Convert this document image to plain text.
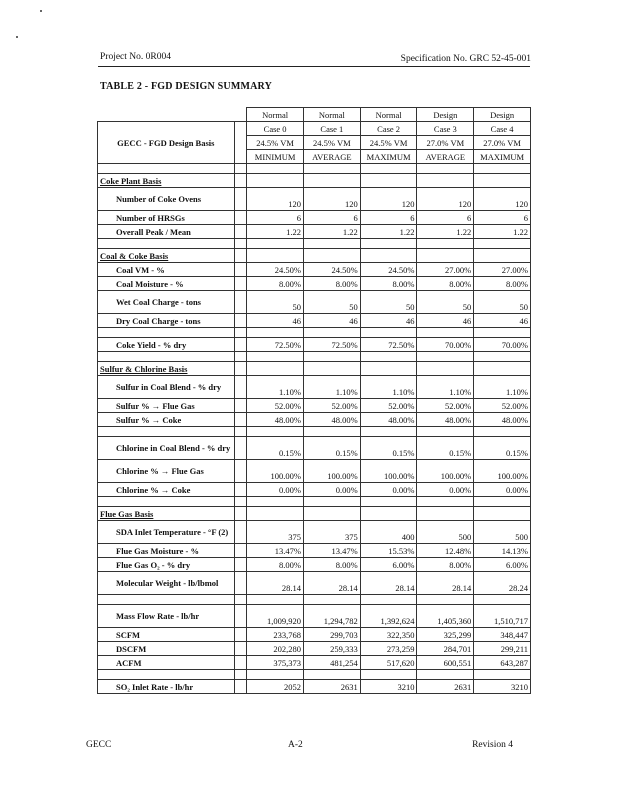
Project No. 0R004	Specification No. GRC 52-45-001
TABLE 2 - FGD DESIGN SUMMARY
		Normal	Normal	Normal	Design	Design
GECC - FGD Design Basis		Case 0	Case 1	Case 2	Case 3	Case 4
		24.5% VM	24.5% VM	24.5% VM	27.0% VM	27.0% VM
		MINIMUM	AVERAGE	MAXIMUM	AVERAGE	MAXIMUM

Coke Plant Basis						
Number of Coke Ovens		120	120	120	120	120
Number of HRSGs		6	6	6	6	6
Overall Peak / Mean		1.22	1.22	1.22	1.22	1.22

Coal & Coke Basis						
Coal VM - %		24.50%	24.50%	24.50%	27.00%	27.00%
Coal Moisture - %		8.00%	8.00%	8.00%	8.00%	8.00%
Wet Coal Charge - tons		50	50	50	50	50
Dry Coal Charge - tons		46	46	46	46	46

Coke Yield - % dry		72.50%	72.50%	72.50%	70.00%	70.00%

Sulfur & Chlorine Basis						
Sulfur in Coal Blend - % dry		1.10%	1.10%	1.10%	1.10%	1.10%
Sulfur % → Flue Gas		52.00%	52.00%	52.00%	52.00%	52.00%
Sulfur % → Coke		48.00%	48.00%	48.00%	48.00%	48.00%

Chlorine in Coal Blend - % dry		0.15%	0.15%	0.15%	0.15%	0.15%
Chlorine % → Flue Gas		100.00%	100.00%	100.00%	100.00%	100.00%
Chlorine % → Coke		0.00%	0.00%	0.00%	0.00%	0.00%

Flue Gas Basis						
SDA Inlet Temperature - °F (2)		375	375	400	500	500
Flue Gas Moisture - %		13.47%	13.47%	15.53%	12.48%	14.13%
Flue Gas O₂ - % dry		8.00%	8.00%	6.00%	8.00%	6.00%
Molecular Weight - lb/lbmol		28.14	28.14	28.14	28.14	28.24

Mass Flow Rate - lb/hr		1,009,920	1,294,782	1,392,624	1,405,360	1,510,717
SCFM		233,768	299,703	322,350	325,299	348,447
DSCFM		202,280	259,333	273,259	284,701	299,211
ACFM		375,373	481,254	517,620	600,551	643,287

SO₂ Inlet Rate - lb/hr		2052	2631	3210	2631	3210
GECC	A-2	Revision 4
